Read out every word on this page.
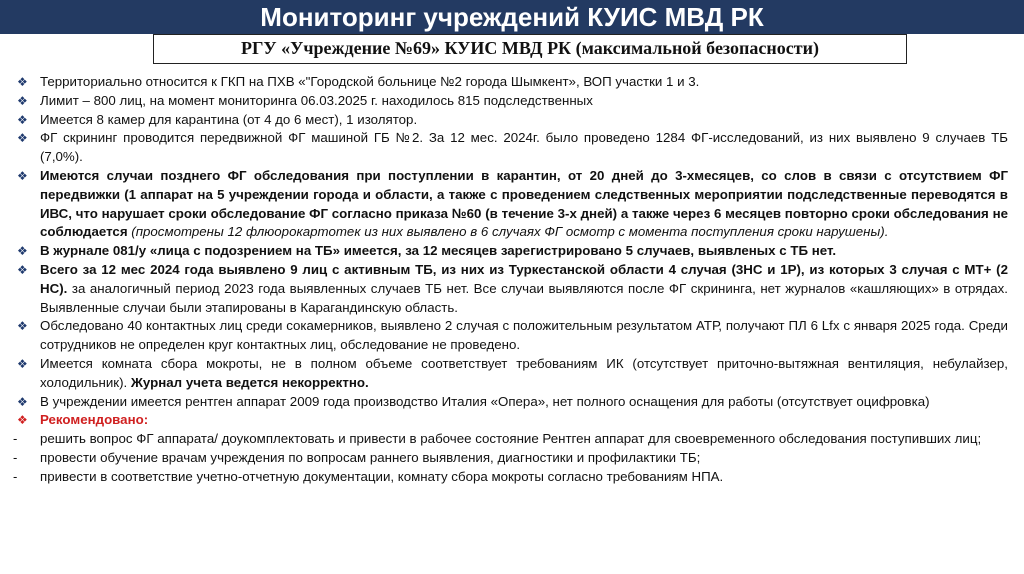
Мониторинг учреждений КУИС МВД РК
РГУ «Учреждение №69» КУИС МВД РК (максимальной безопасности)
❖ Территориально относится к ГКП на ПХВ «"Городской больнице №2 города Шымкент», ВОП участки 1 и 3.
❖ Лимит – 800 лиц, на момент мониторинга 06.03.2025 г. находилось 815 подследственных
❖ Имеется 8 камер для карантина (от 4 до 6 мест), 1 изолятор.
❖ ФГ скрининг проводится передвижной ФГ машиной ГБ №2. За 12 мес. 2024г. было проведено 1284 ФГ-исследований, из них выявлено 9 случаев ТБ (7,0%).
❖ Имеются случаи позднего ФГ обследования при поступлении в карантин, от 20 дней до 3-хмесяцев, со слов в связи с отсутствием ФГ передвижки (1 аппарат на 5 учреждении города и области, а также с проведением следственных мероприятии подследственные переводятся в ИВС, что нарушает сроки обследование ФГ согласно приказа №60 (в течение 3-х дней) а также через 6 месяцев повторно сроки обследования не соблюдается (просмотрены 12 флюорокартотек из них выявлено в 6 случаях ФГ осмотр с момента поступления сроки нарушены).
❖ В журнале 081/у «лица с подозрением на ТБ» имеется, за 12 месяцев зарегистрировано 5 случаев, выявленых с ТБ нет.
❖ Всего за 12 мес 2024 года выявлено 9 лиц с активным ТБ, из них из Туркестанской области 4 случая (3НС и 1Р), из которых 3 случая с МТ+ (2 НС). за аналогичный период 2023 года выявленных случаев ТБ нет. Все случаи выявляются после ФГ скрининга, нет журналов «кашляющих» в отрядах. Выявленные случаи были этапированы в Карагандинскую область.
❖ Обследовано 40 контактных лиц среди сокамерников, выявлено 2 случая с положительным результатом АТР, получают ПЛ 6 Lfx с января 2025 года. Среди сотрудников не определен круг контактных лиц, обследование не проведено.
❖ Имеется комната сбора мокроты, не в полном объеме соответствует требованиям ИК (отсутствует приточно-вытяжная вентиляция, небулайзер, холодильник). Журнал учета ведется некорректно.
❖ В учреждении имеется рентген аппарат 2009 года производство Италия «Опера», нет полного оснащения для работы (отсутствует оцифровка)
❖ Рекомендовано:
- решить вопрос ФГ аппарата/ доукомплектовать и привести в рабочее состояние Рентген аппарат для своевременного обследования поступивших лиц;
- провести обучение врачам учреждения по вопросам раннего выявления, диагностики и профилактики ТБ;
- привести в соответствие учетно-отчетную документации, комнату сбора мокроты согласно требованиям НПА.
